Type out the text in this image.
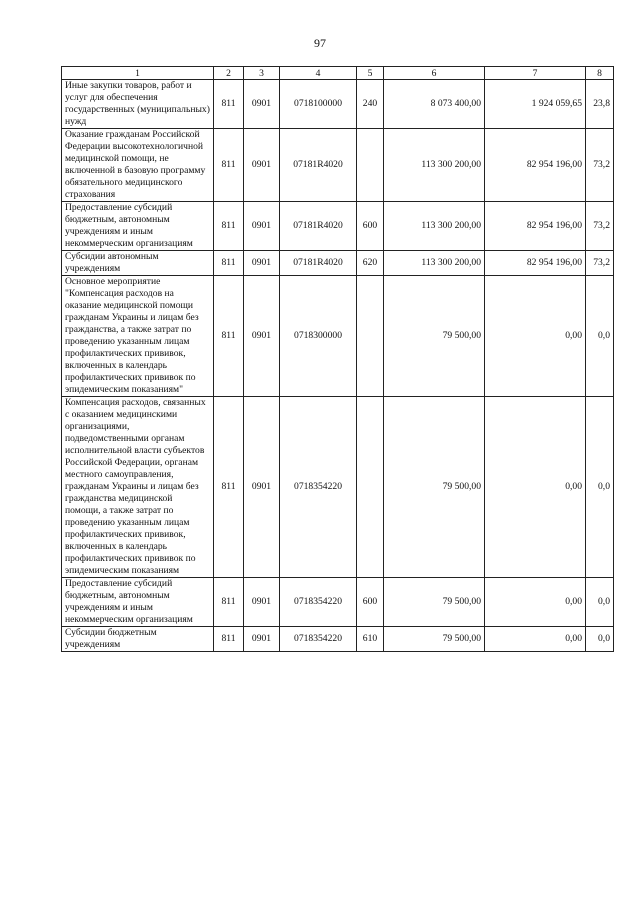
97
1	2	3	4	5	6	7	8
Иные закупки товаров, работ и услуг для обеспечения государственных (муниципальных) нужд	811	0901	0718100000	240	8 073 400,00	1 924 059,65	23,8
Оказание гражданам Российской Федерации высокотехнологичной медицинской помощи, не включенной в базовую программу обязательного медицинского страхования	811	0901	07181R4020		113 300 200,00	82 954 196,00	73,2
Предоставление субсидий бюджетным, автономным учреждениям и иным некоммерческим организациям	811	0901	07181R4020	600	113 300 200,00	82 954 196,00	73,2
Субсидии автономным учреждениям	811	0901	07181R4020	620	113 300 200,00	82 954 196,00	73,2
Основное мероприятие "Компенсация расходов на оказание медицинской помощи гражданам Украины и лицам без гражданства, а также затрат по проведению указанным лицам профилактических прививок, включенных в календарь профилактических прививок по эпидемическим показаниям"	811	0901	0718300000		79 500,00	0,00	0,0
Компенсация расходов, связанных с оказанием медицинскими организациями, подведомственными органам исполнительной власти субъектов Российской Федерации, органам местного самоуправления, гражданам Украины и лицам без гражданства медицинской помощи, а также затрат по проведению указанным лицам профилактических прививок, включенных в календарь профилактических прививок по эпидемическим показаниям	811	0901	0718354220		79 500,00	0,00	0,0
Предоставление субсидий бюджетным, автономным учреждениям и иным некоммерческим организациям	811	0901	0718354220	600	79 500,00	0,00	0,0
Субсидии бюджетным учреждениям	811	0901	0718354220	610	79 500,00	0,00	0,0
